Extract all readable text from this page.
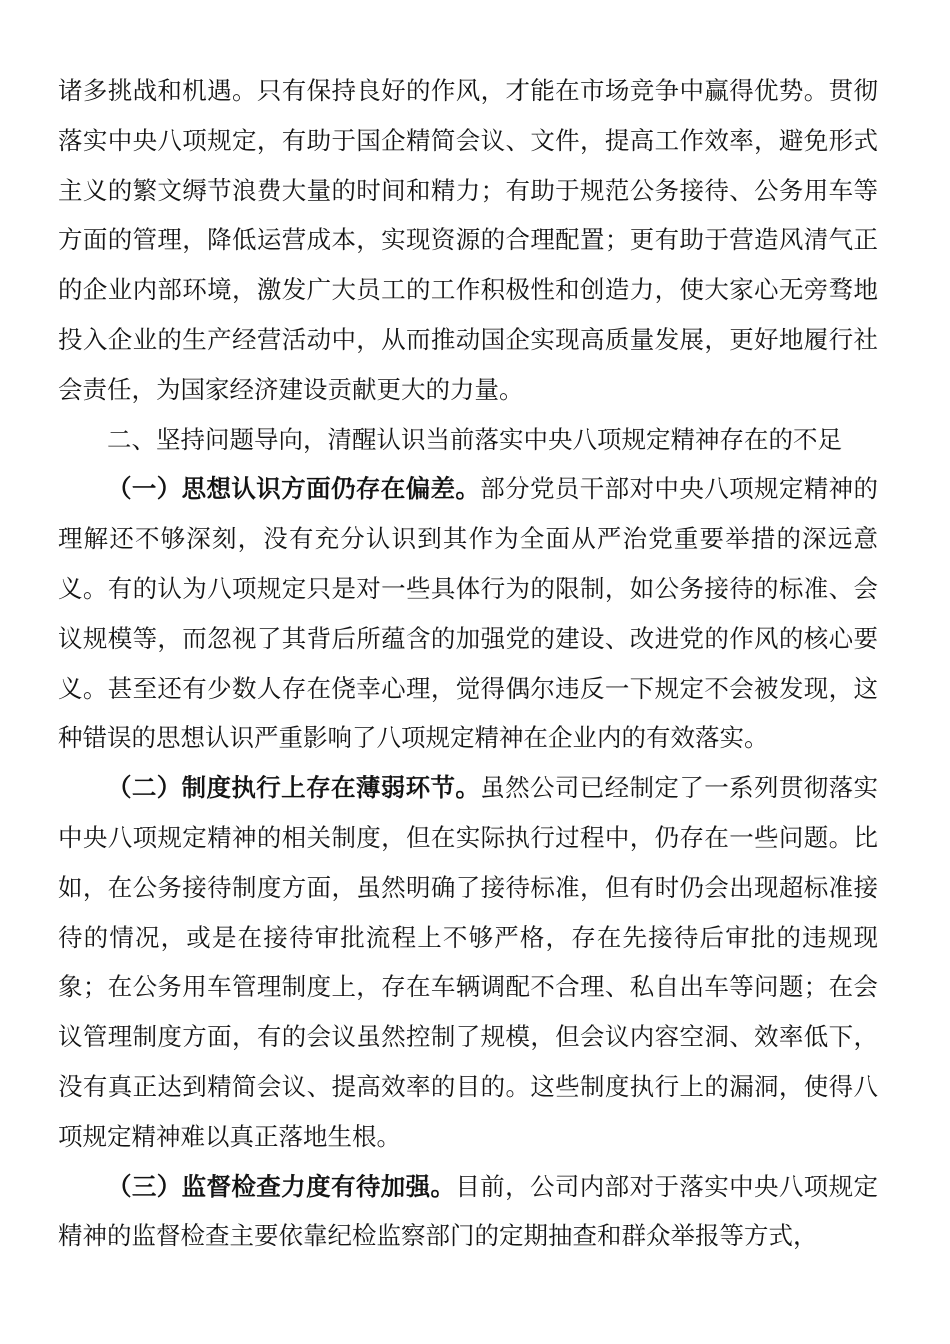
诸多挑战和机遇。只有保持良好的作风，才能在市场竞争中赢得优势。贯彻落实中央八项规定，有助于国企精简会议、文件，提高工作效率，避免形式主义的繁文缛节浪费大量的时间和精力；有助于规范公务接待、公务用车等方面的管理，降低运营成本，实现资源的合理配置；更有助于营造风清气正的企业内部环境，激发广大员工的工作积极性和创造力，使大家心无旁骛地投入企业的生产经营活动中，从而推动国企实现高质量发展，更好地履行社会责任，为国家经济建设贡献更大的力量。

二、坚持问题导向，清醒认识当前落实中央八项规定精神存在的不足

（一）思想认识方面仍存在偏差。部分党员干部对中央八项规定精神的理解还不够深刻，没有充分认识到其作为全面从严治党重要举措的深远意义。有的认为八项规定只是对一些具体行为的限制，如公务接待的标准、会议规模等，而忽视了其背后所蕴含的加强党的建设、改进党的作风的核心要义。甚至还有少数人存在侥幸心理，觉得偶尔违反一下规定不会被发现，这种错误的思想认识严重影响了八项规定精神在企业内的有效落实。

（二）制度执行上存在薄弱环节。虽然公司已经制定了一系列贯彻落实中央八项规定精神的相关制度，但在实际执行过程中，仍存在一些问题。比如，在公务接待制度方面，虽然明确了接待标准，但有时仍会出现超标准接待的情况，或是在接待审批流程上不够严格，存在先接待后审批的违规现象；在公务用车管理制度上，存在车辆调配不合理、私自出车等问题；在会议管理制度方面，有的会议虽然控制了规模，但会议内容空洞、效率低下，没有真正达到精简会议、提高效率的目的。这些制度执行上的漏洞，使得八项规定精神难以真正落地生根。

（三）监督检查力度有待加强。目前，公司内部对于落实中央八项规定精神的监督检查主要依靠纪检监察部门的定期抽查和群众举报等方式，
